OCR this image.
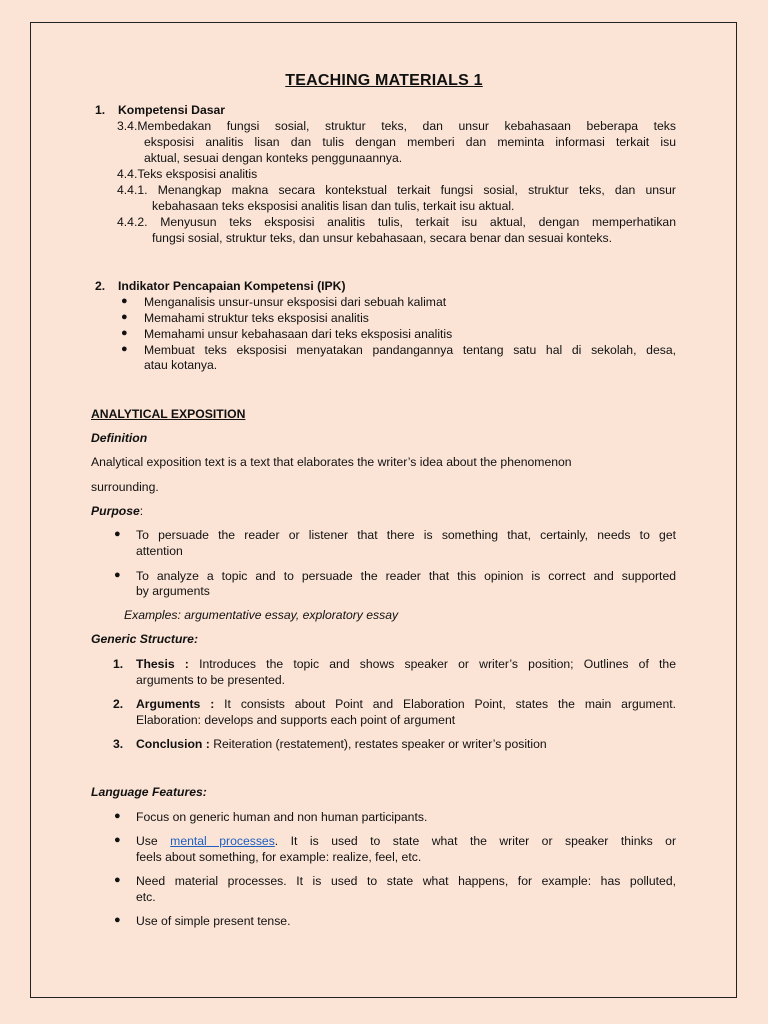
TEACHING MATERIALS 1
1. Kompetensi Dasar
3.4.Membedakan fungsi sosial, struktur teks, dan unsur kebahasaan beberapa teks
eksposisi analitis lisan dan tulis dengan memberi dan meminta informasi terkait isu
aktual, sesuai dengan konteks penggunaannya.
4.4.Teks eksposisi analitis
4.4.1. Menangkap makna secara kontekstual terkait fungsi sosial, struktur teks, dan unsur
kebahasaan teks eksposisi analitis lisan dan tulis, terkait isu aktual.
4.4.2. Menyusun teks eksposisi analitis tulis, terkait isu aktual, dengan memperhatikan
fungsi sosial, struktur teks, dan unsur kebahasaan, secara benar dan sesuai konteks.
2. Indikator Pencapaian Kompetensi (IPK)
● Menganalisis unsur-unsur eksposisi dari sebuah kalimat
● Memahami struktur teks eksposisi analitis
● Memahami unsur kebahasaan dari teks eksposisi analitis
● Membuat teks eksposisi menyatakan pandangannya tentang satu hal di sekolah, desa,
atau kotanya.
ANALYTICAL EXPOSITION
Definition
Analytical exposition text is a text that elaborates the writer’s idea about the phenomenon
surrounding.
Purpose:
● To persuade the reader or listener that there is something that, certainly, needs to get
attention
● To analyze a topic and to persuade the reader that this opinion is correct and supported
by arguments
Examples: argumentative essay, exploratory essay
Generic Structure:
1. Thesis : Introduces the topic and shows speaker or writer’s position; Outlines of the
arguments to be presented.
2. Arguments : It consists about Point and Elaboration Point, states the main argument.
Elaboration: develops and supports each point of argument
3. Conclusion : Reiteration (restatement), restates speaker or writer’s position
Language Features:
● Focus on generic human and non human participants.
● Use mental processes. It is used to state what the writer or speaker thinks or
feels about something, for example: realize, feel, etc.
● Need material processes. It is used to state what happens, for example: has polluted,
etc.
● Use of simple present tense.
